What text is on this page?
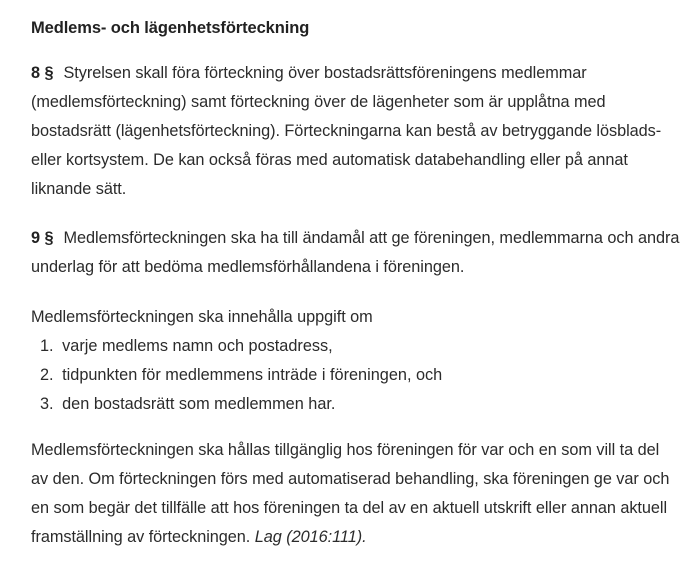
Medlems- och lägenhetsförteckning

8 § Styrelsen skall föra förteckning över bostadsrättsföreningens medlemmar (medlemsförteckning) samt förteckning över de lägenheter som är upplåtna med bostadsrätt (lägenhetsförteckning). Förteckningarna kan bestå av betryggande lösblads- eller kortsystem. De kan också föras med automatisk databehandling eller på annat liknande sätt.

9 § Medlemsförteckningen ska ha till ändamål att ge föreningen, medlemmarna och andra underlag för att bedöma medlemsförhållandena i föreningen.

Medlemsförteckningen ska innehålla uppgift om

1. varje medlems namn och postadress,
2. tidpunkten för medlemmens inträde i föreningen, och
3. den bostadsrätt som medlemmen har.

Medlemsförteckningen ska hållas tillgänglig hos föreningen för var och en som vill ta del av den. Om förteckningen förs med automatiserad behandling, ska föreningen ge var och en som begär det tillfälle att hos föreningen ta del av en aktuell utskrift eller annan aktuell framställning av förteckningen. Lag (2016:111).
